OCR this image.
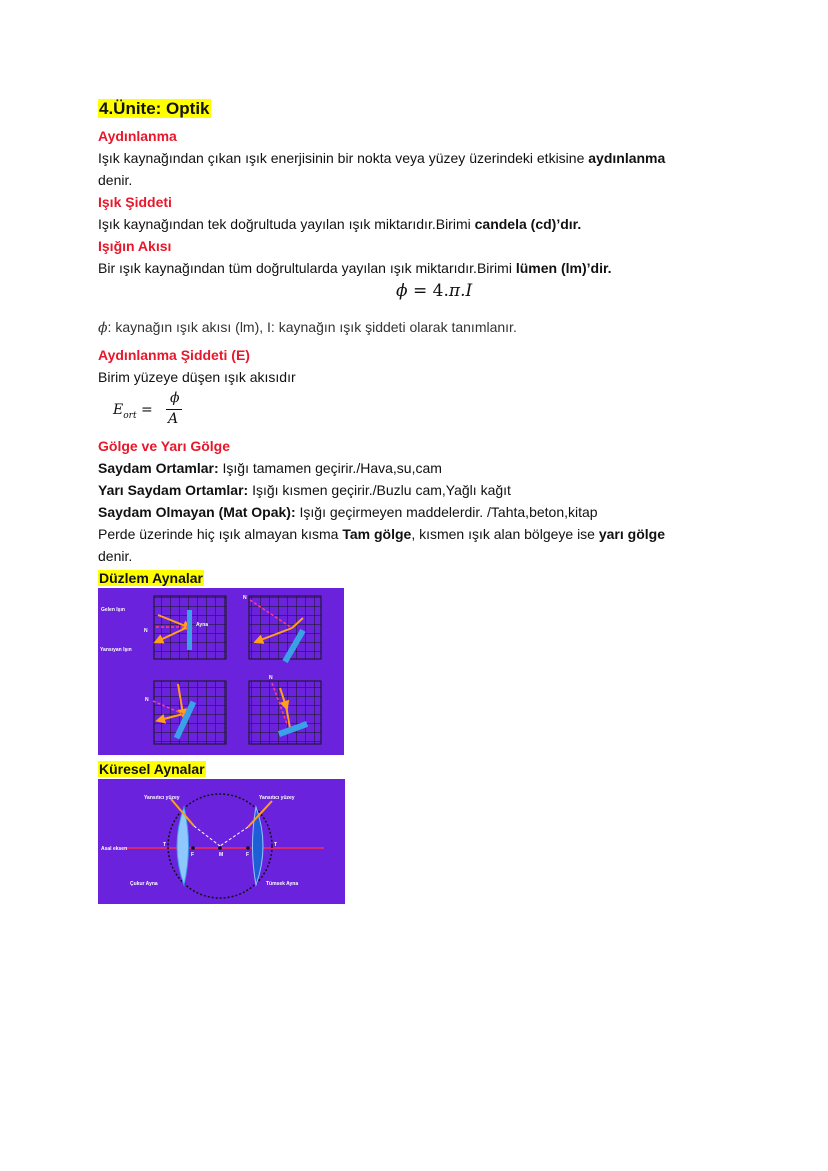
4.Ünite: Optik
Aydınlanma
Işık kaynağından çıkan ışık enerjisinin bir nokta veya yüzey üzerindeki etkisine aydınlanma
denir.
Işık Şiddeti
Işık kaynağından tek doğrultuda yayılan ışık miktarıdır.Birimi candela (cd)’dır.
Işığın Akısı
Bir ışık kaynağından tüm doğrultularda yayılan ışık miktarıdır.Birimi lümen (lm)’dir.
ϕ = 4.π.I
ϕ: kaynağın ışık akısı (lm), I: kaynağın ışık şiddeti olarak tanımlanır.
Aydınlanma Şiddeti (E)
Birim yüzeye düşen ışık akısıdır
$E_{ort}$ =
ϕ
A
Gölge ve Yarı Gölge
Saydam Ortamlar: Işığı tamamen geçirir./Hava,su,cam
Yarı Saydam Ortamlar: Işığı kısmen geçirir./Buzlu cam,Yağlı kağıt
Saydam Olmayan (Mat Opak): Işığı geçirmeyen maddelerdir. /Tahta,beton,kitap
Perde üzerinde hiç ışık almayan kısma Tam gölge, kısmen ışık alan bölgeye ise yarı gölge
denir.
Düzlem Aynalar
Gelen Işın
Yansıyan Işın
Ayna
N
N
N
N
Küresel Aynalar
Yansıtıcı yüzey	Yansıtıcı yüzey
Asal eksen
Çukur Ayna	Tümsek Ayna
T
F	M	F
T
